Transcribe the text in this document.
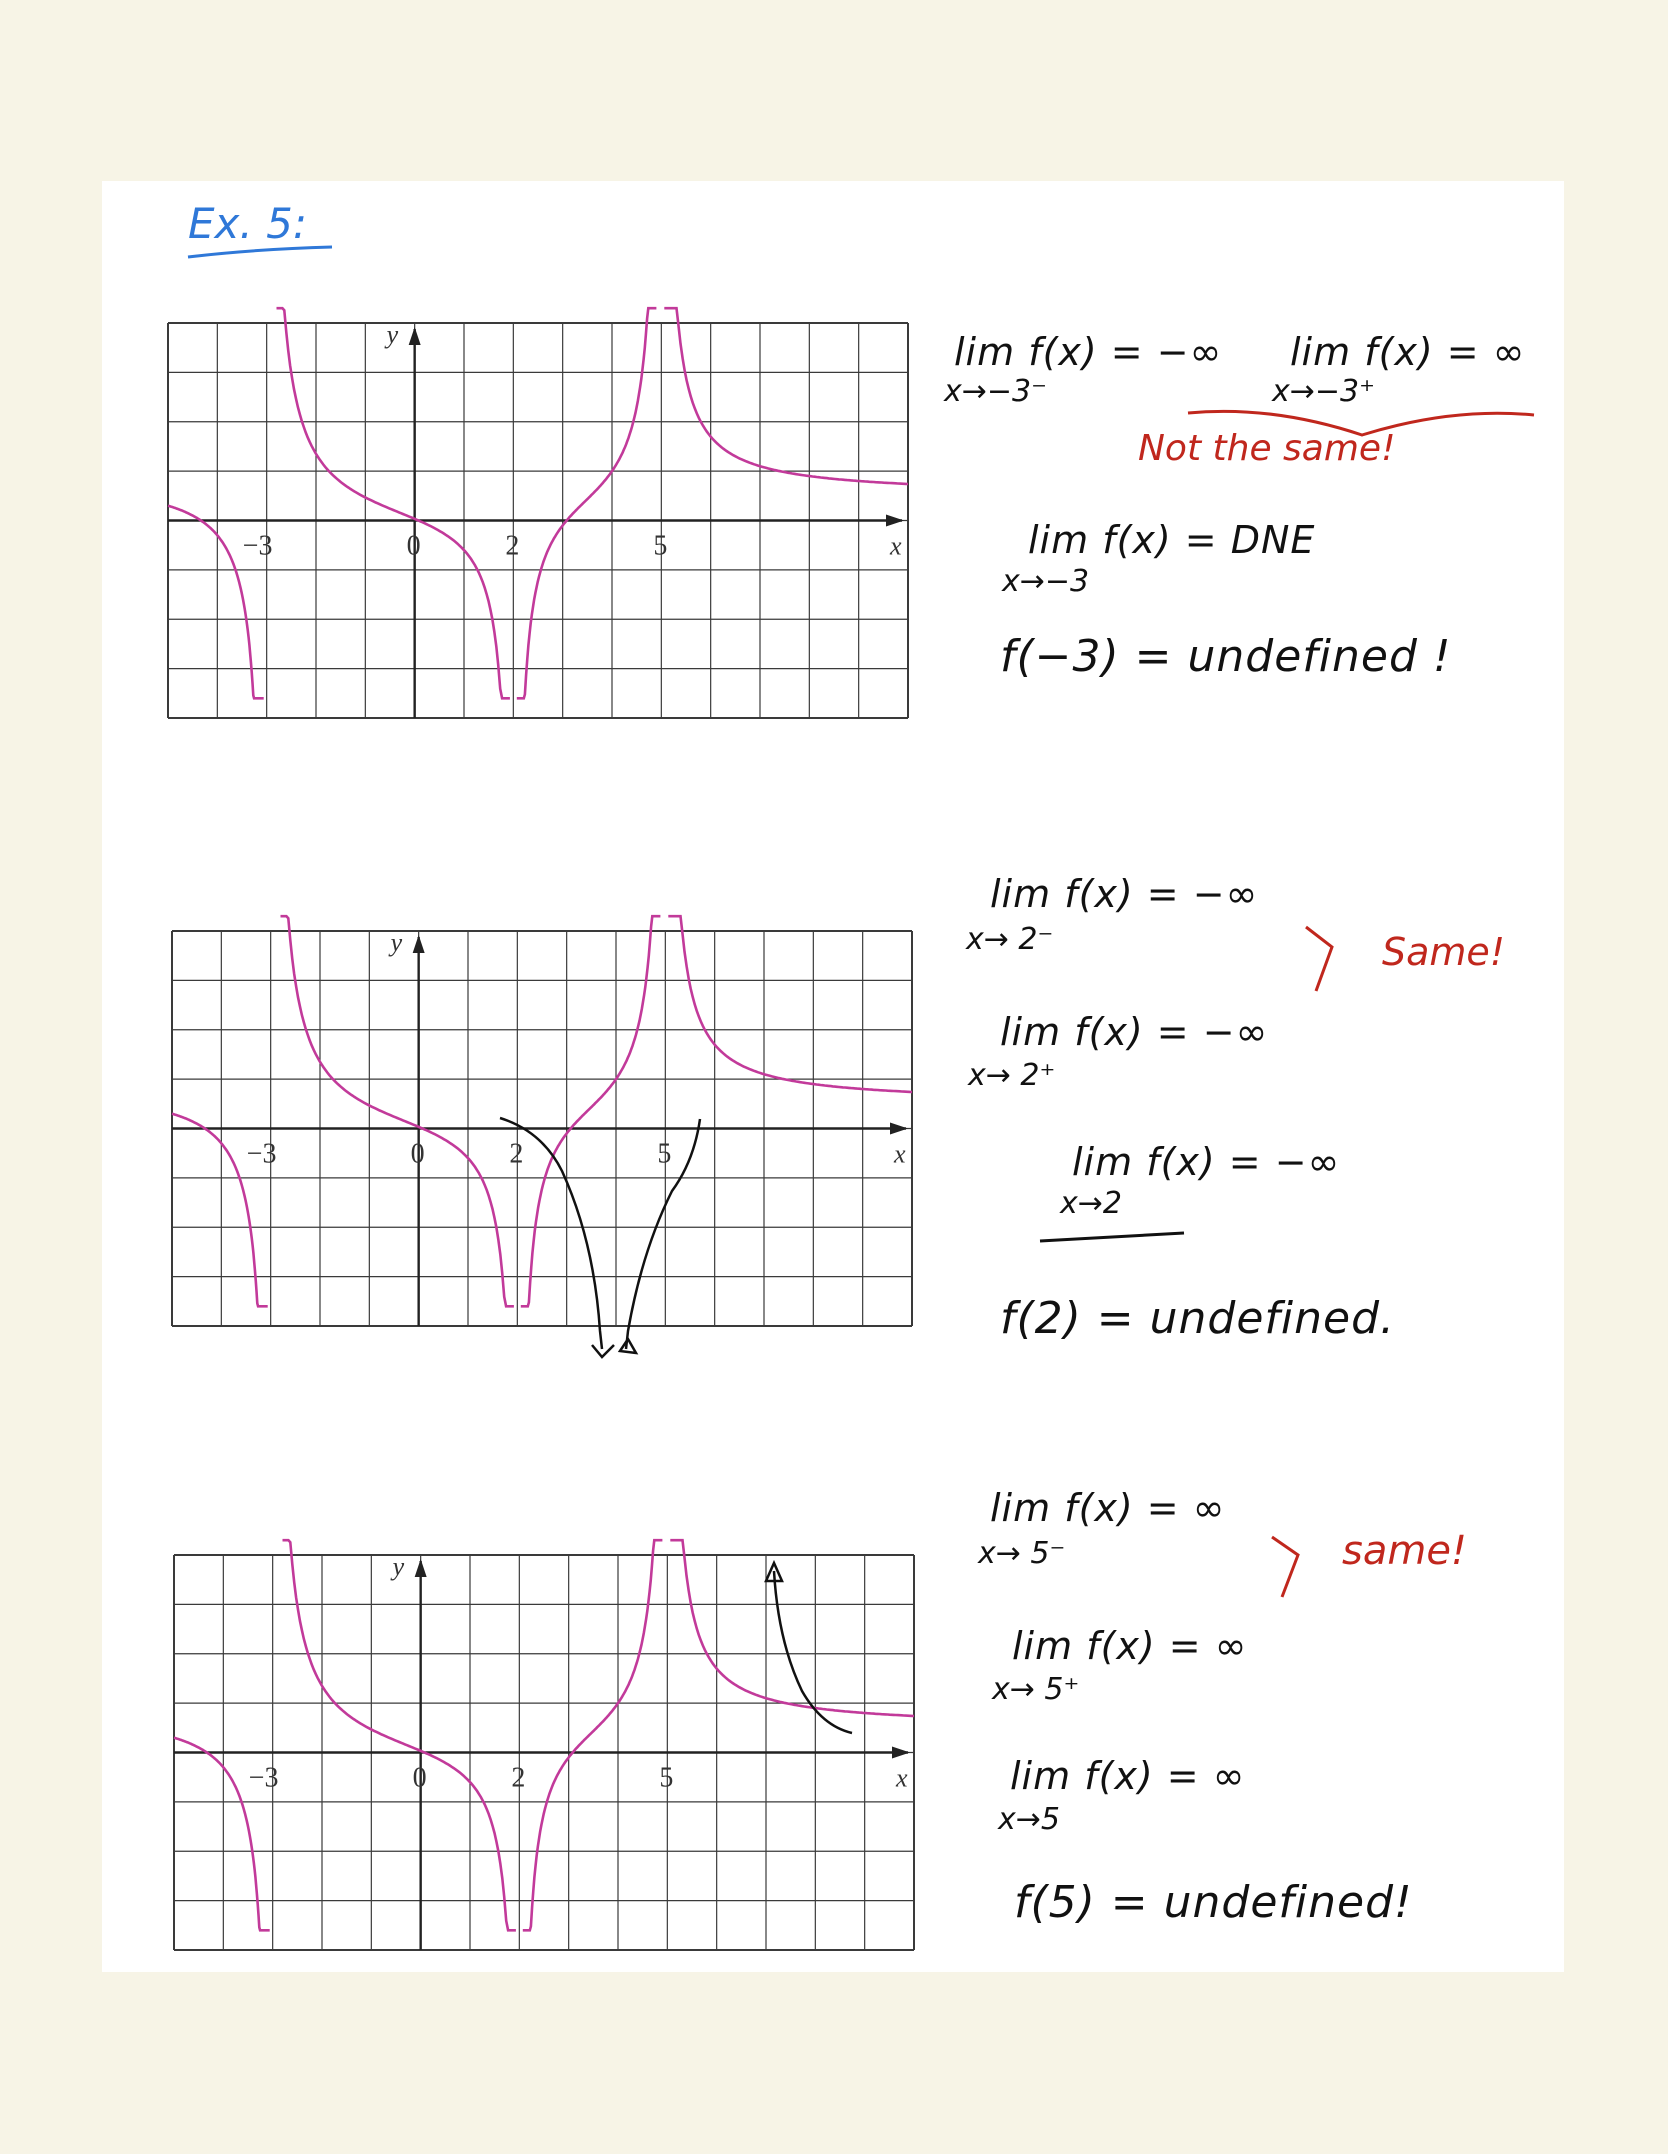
Ex. 5:
y
x
−3	0	2	5
y
x
−3	0	2	5
y
x
−3	0	2	5
lim f(x) = −∞
x→−3⁻
lim f(x) = ∞
x→−3⁺
Not the same!
lim f(x) = DNE
x→−3
f(−3) = undefined !
lim f(x) = −∞
x→ 2⁻	Same!
lim f(x) = −∞
x→ 2⁺
lim f(x) = −∞
x→2
f(2) = undefined.
lim f(x) = ∞
x→ 5⁻	same!
lim f(x) = ∞
x→ 5⁺
lim f(x) = ∞
x→5
f(5) = undefined!
